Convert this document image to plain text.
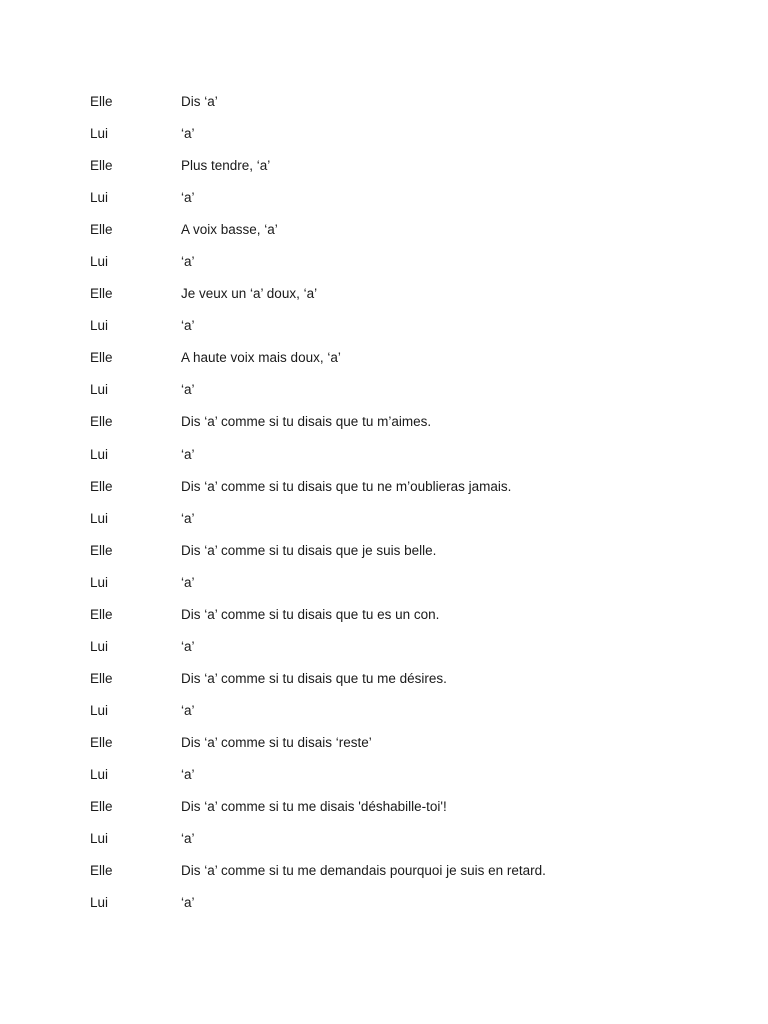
Elle	Dis ‘a’
Lui	‘a’
Elle	Plus tendre, ‘a’
Lui	‘a’
Elle	A voix basse, ‘a’
Lui	‘a’
Elle	Je veux un ‘a’ doux, ‘a’
Lui	‘a’
Elle	A haute voix mais doux, ‘a’
Lui	‘a’
Elle	Dis ‘a’ comme si tu disais que tu m’aimes.
Lui	‘a’
Elle	Dis ‘a’ comme si tu disais que tu ne m’oublieras jamais.
Lui	‘a’
Elle	Dis ‘a’ comme si tu disais que je suis belle.
Lui	‘a’
Elle	Dis ‘a’ comme si tu disais que tu es un con.
Lui	‘a’
Elle	Dis ‘a’ comme si tu disais que tu me désires.
Lui	‘a’
Elle	Dis ‘a’ comme si tu disais ‘reste’
Lui	‘a’
Elle	Dis ‘a’ comme si tu me disais 'déshabille-toi'!
Lui	‘a’
Elle	Dis ‘a’ comme si tu me demandais pourquoi je suis en retard.
Lui	‘a’
